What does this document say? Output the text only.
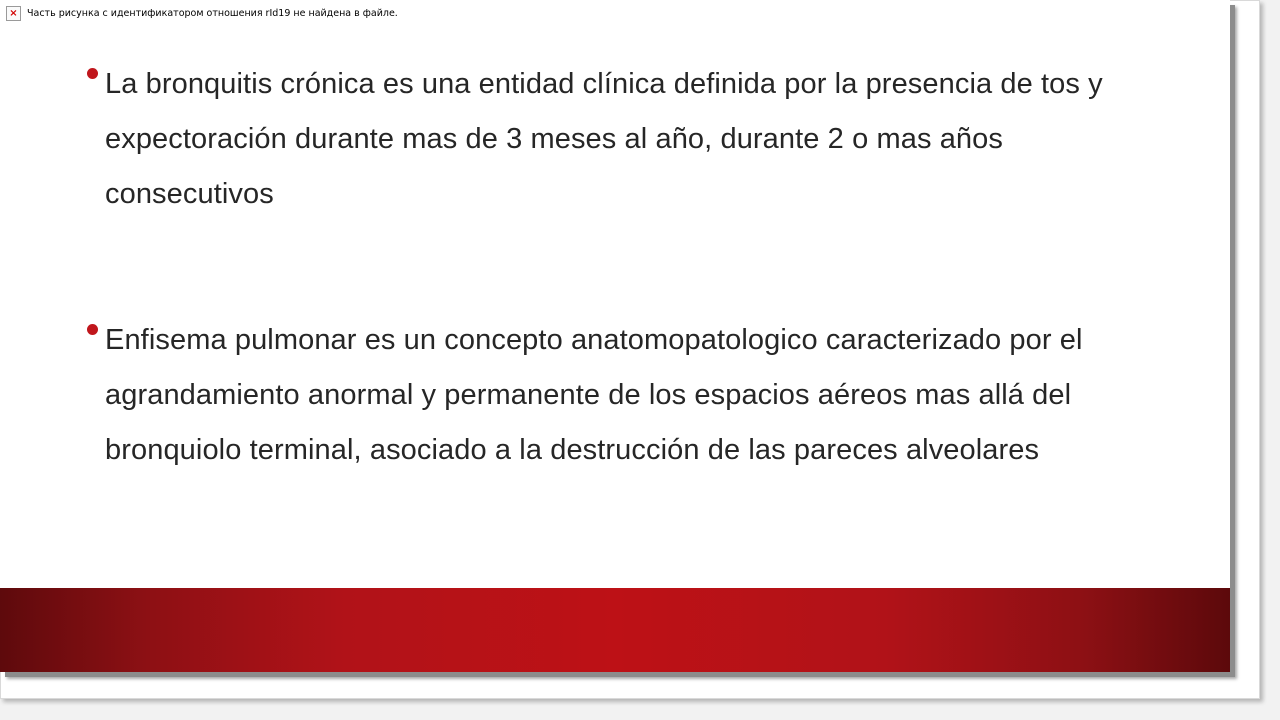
× Часть рисунка с идентификатором отношения rId19 не найдена в файле.
La bronquitis crónica es una entidad clínica definida por la presencia de tos y expectoración durante mas de 3 meses al año, durante 2 o mas años consecutivos
Enfisema pulmonar es un concepto anatomopatologico caracterizado por el agrandamiento anormal y permanente de los espacios aéreos mas allá del bronquiolo terminal, asociado a la destrucción de las pareces alveolares
